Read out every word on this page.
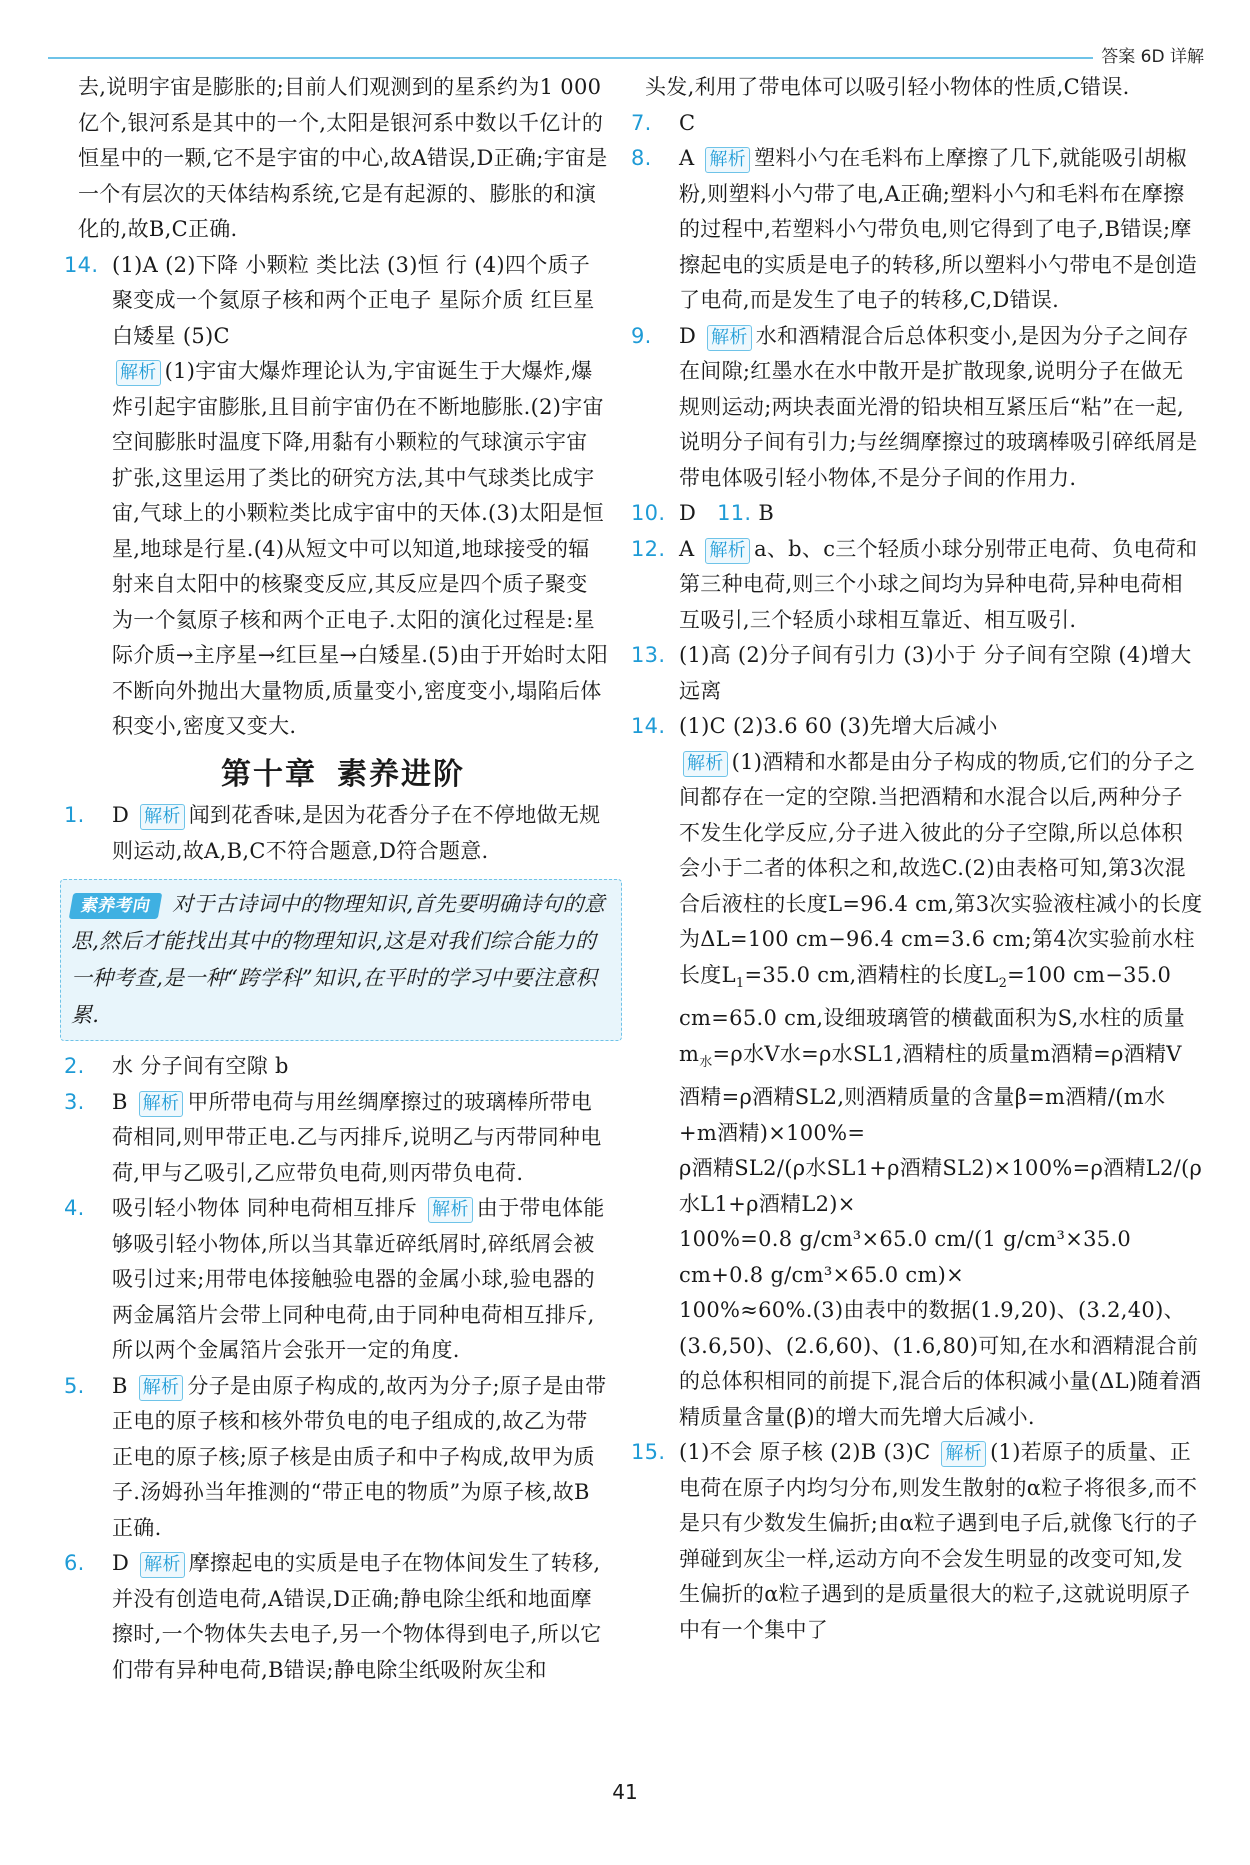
答案 6D 详解

去,说明宇宙是膨胀的;目前人们观测到的星系约为1 000 亿个,银河系是其中的一个,太阳是银河系中数以千亿计的恒星中的一颗,它不是宇宙的中心,故A错误,D正确;宇宙是一个有层次的天体结构系统,它是有起源的、膨胀的和演化的,故B,C正确.

14. (1)A (2)下降 小颗粒 类比法 (3)恒 行 (4)四个质子聚变成一个氦原子核和两个正电子 星际介质 红巨星 白矮星 (5)C

解析 (1)宇宙大爆炸理论认为,宇宙诞生于大爆炸,爆炸引起宇宙膨胀,且目前宇宙仍在不断地膨胀.(2)宇宙空间膨胀时温度下降,用黏有小颗粒的气球演示宇宙扩张,这里运用了类比的研究方法,其中气球类比成宇宙,气球上的小颗粒类比成宇宙中的天体.(3)太阳是恒星,地球是行星.(4)从短文中可以知道,地球接受的辐射来自太阳中的核聚变反应,其反应是四个质子聚变为一个氦原子核和两个正电子.太阳的演化过程是:星际介质→主序星→红巨星→白矮星.(5)由于开始时太阳不断向外抛出大量物质,质量变小,密度变小,塌陷后体积变小,密度又变大.

第十章 素养进阶

1. D 解析 闻到花香味,是因为花香分子在不停地做无规则运动,故A,B,C不符合题意,D符合题意.

素养考向 对于古诗词中的物理知识,首先要明确诗句的意思,然后才能找出其中的物理知识,这是对我们综合能力的一种考查,是一种“跨学科”知识,在平时的学习中要注意积累.

2. 水 分子间有空隙 b

3. B 解析 甲所带电荷与用丝绸摩擦过的玻璃棒所带电荷相同,则甲带正电.乙与丙排斥,说明乙与丙带同种电荷,甲与乙吸引,乙应带负电荷,则丙带负电荷.

4. 吸引轻小物体 同种电荷相互排斥 解析 由于带电体能够吸引轻小物体,所以当其靠近碎纸屑时,碎纸屑会被吸引过来;用带电体接触验电器的金属小球,验电器的两金属箔片会带上同种电荷,由于同种电荷相互排斥,所以两个金属箔片会张开一定的角度.

5. B 解析 分子是由原子构成的,故丙为分子;原子是由带正电的原子核和核外带负电的电子组成的,故乙为带正电的原子核;原子核是由质子和中子构成,故甲为质子.汤姆孙当年推测的“带正电的物质”为原子核,故B正确.

6. D 解析 摩擦起电的实质是电子在物体间发生了转移,并没有创造电荷,A错误,D正确;静电除尘纸和地面摩擦时,一个物体失去电子,另一个物体得到电子,所以它们带有异种电荷,B错误;静电除尘纸吸附灰尘和

头发,利用了带电体可以吸引轻小物体的性质,C错误.

7. C

8. A 解析 塑料小勺在毛料布上摩擦了几下,就能吸引胡椒粉,则塑料小勺带了电,A正确;塑料小勺和毛料布在摩擦的过程中,若塑料小勺带负电,则它得到了电子,B错误;摩擦起电的实质是电子的转移,所以塑料小勺带电不是创造了电荷,而是发生了电子的转移,C,D错误.

9. D 解析 水和酒精混合后总体积变小,是因为分子之间存在间隙;红墨水在水中散开是扩散现象,说明分子在做无规则运动;两块表面光滑的铅块相互紧压后“粘”在一起,说明分子间有引力;与丝绸摩擦过的玻璃棒吸引碎纸屑是带电体吸引轻小物体,不是分子间的作用力.

10. D 11. B

12. A 解析 a、b、c三个轻质小球分别带正电荷、负电荷和第三种电荷,则三个小球之间均为异种电荷,异种电荷相互吸引,三个轻质小球相互靠近、相互吸引.

13. (1)高 (2)分子间有引力 (3)小于 分子间有空隙 (4)增大 远离

14. (1)C (2)3.6 60 (3)先增大后减小

解析 (1)酒精和水都是由分子构成的物质,它们的分子之间都存在一定的空隙.当把酒精和水混合以后,两种分子不发生化学反应,分子进入彼此的分子空隙,所以总体积会小于二者的体积之和,故选C.(2)由表格可知,第3次混合后液柱的长度L=96.4 cm,第3次实验液柱减小的长度为ΔL=100 cm−96.4 cm=3.6 cm;第4次实验前水柱长度$L_1=35.0$ cm,酒精柱的长度$L_2=100$ cm−35.0 cm=65.0 cm,设细玻璃管的横截面积为S,水柱的质量$m_水=\rho$水V水=ρ水SL1,酒精柱的质量m酒精=ρ酒精V酒精=ρ酒精SL2,则酒精质量的含量β=m酒精/(m水+m酒精)×100%=

ρ酒精SL2/(ρ水SL1+ρ酒精SL2)×100%=ρ酒精L2/(ρ水L1+ρ酒精L2)×

100%=0.8 g/cm³×65.0 cm/(1 g/cm³×35.0 cm+0.8 g/cm³×65.0 cm)×

100%≈60%.(3)由表中的数据(1.9,20)、(3.2,40)、(3.6,50)、(2.6,60)、(1.6,80)可知,在水和酒精混合前的总体积相同的前提下,混合后的体积减小量(ΔL)随着酒精质量含量(β)的增大而先增大后减小.

15. (1)不会 原子核 (2)B (3)C 解析 (1)若原子的质量、正电荷在原子内均匀分布,则发生散射的α粒子将很多,而不是只有少数发生偏折;由α粒子遇到电子后,就像飞行的子弹碰到灰尘一样,运动方向不会发生明显的改变可知,发生偏折的α粒子遇到的是质量很大的粒子,这就说明原子中有一个集中了

41
